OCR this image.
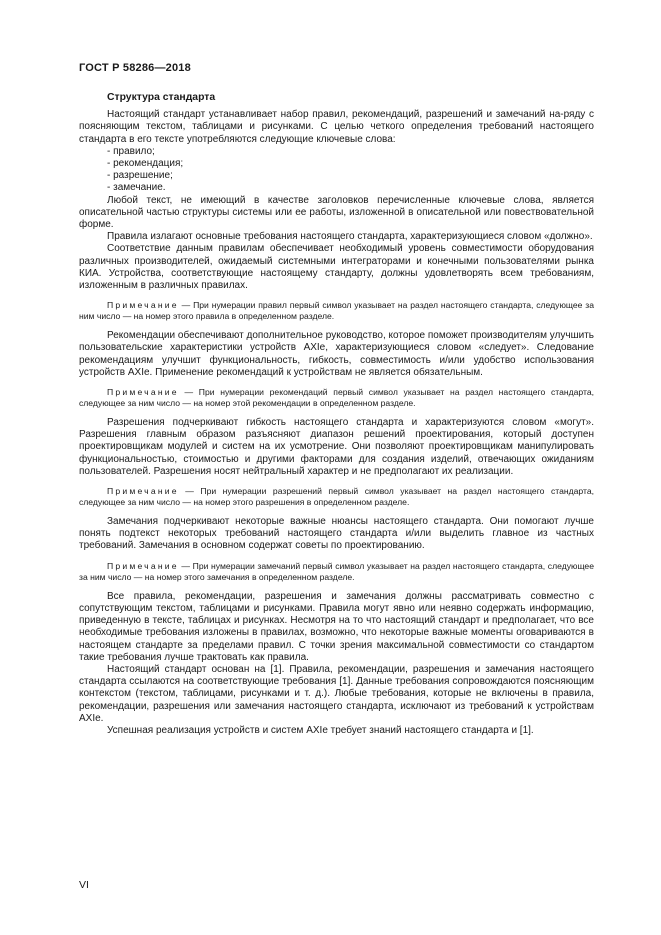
ГОСТ Р 58286—2018
Структура стандарта

Настоящий стандарт устанавливает набор правил, рекомендаций, разрешений и замечаний на-ряду с поясняющим текстом, таблицами и рисунками. С целью четкого определения требований настоящего стандарта в его тексте употребляются следующие ключевые слова:

- правило;

- рекомендация;

- разрешение;

- замечание.

Любой текст, не имеющий в качестве заголовков перечисленные ключевые слова, является описательной частью структуры системы или ее работы, изложенной в описательной или повествовательной форме.

Правила излагают основные требования настоящего стандарта, характеризующиеся словом «должно».

Соответствие данным правилам обеспечивает необходимый уровень совместимости оборудования различных производителей, ожидаемый системными интеграторами и конечными пользователями рынка КИА. Устройства, соответствующие настоящему стандарту, должны удовлетворять всем требованиям, изложенным в различных правилах.

Примечание — При нумерации правил первый символ указывает на раздел настоящего стандарта, следующее за ним число — на номер этого правила в определенном разделе.

Рекомендации обеспечивают дополнительное руководство, которое поможет производителям улучшить пользовательские характеристики устройств AXIe, характеризующиеся словом «следует». Следование рекомендациям улучшит функциональность, гибкость, совместимость и/или удобство использования устройств AXIe. Применение рекомендаций к устройствам не является обязательным.

Примечание — При нумерации рекомендаций первый символ указывает на раздел настоящего стандарта, следующее за ним число — на номер этой рекомендации в определенном разделе.

Разрешения подчеркивают гибкость настоящего стандарта и характеризуются словом «могут». Разрешения главным образом разъясняют диапазон решений проектирования, который доступен проектировщикам модулей и систем на их усмотрение. Они позволяют проектировщикам манипулировать функциональностью, стоимостью и другими факторами для создания изделий, отвечающих ожиданиям пользователей. Разрешения носят нейтральный характер и не предполагают их реализации.

Примечание — При нумерации разрешений первый символ указывает на раздел настоящего стандарта, следующее за ним число — на номер этого разрешения в определенном разделе.

Замечания подчеркивают некоторые важные нюансы настоящего стандарта. Они помогают лучше понять подтекст некоторых требований настоящего стандарта и/или выделить главное из частных требований. Замечания в основном содержат советы по проектированию.

Примечание — При нумерации замечаний первый символ указывает на раздел настоящего стандарта, следующее за ним число — на номер этого замечания в определенном разделе.

Все правила, рекомендации, разрешения и замечания должны рассматривать совместно с сопутствующим текстом, таблицами и рисунками. Правила могут явно или неявно содержать информацию, приведенную в тексте, таблицах и рисунках. Несмотря на то что настоящий стандарт и предполагает, что все необходимые требования изложены в правилах, возможно, что некоторые важные моменты оговариваются в настоящем стандарте за пределами правил. С точки зрения максимальной совместимости со стандартом такие требования лучше трактовать как правила.

Настоящий стандарт основан на [1]. Правила, рекомендации, разрешения и замечания настоящего стандарта ссылаются на соответствующие требования [1]. Данные требования сопровождаются поясняющим контекстом (текстом, таблицами, рисунками и т. д.). Любые требования, которые не включены в правила, рекомендации, разрешения или замечания настоящего стандарта, исключают из требований к устройствам AXIe.

Успешная реализация устройств и систем AXIe требует знаний настоящего стандарта и [1].

VI
